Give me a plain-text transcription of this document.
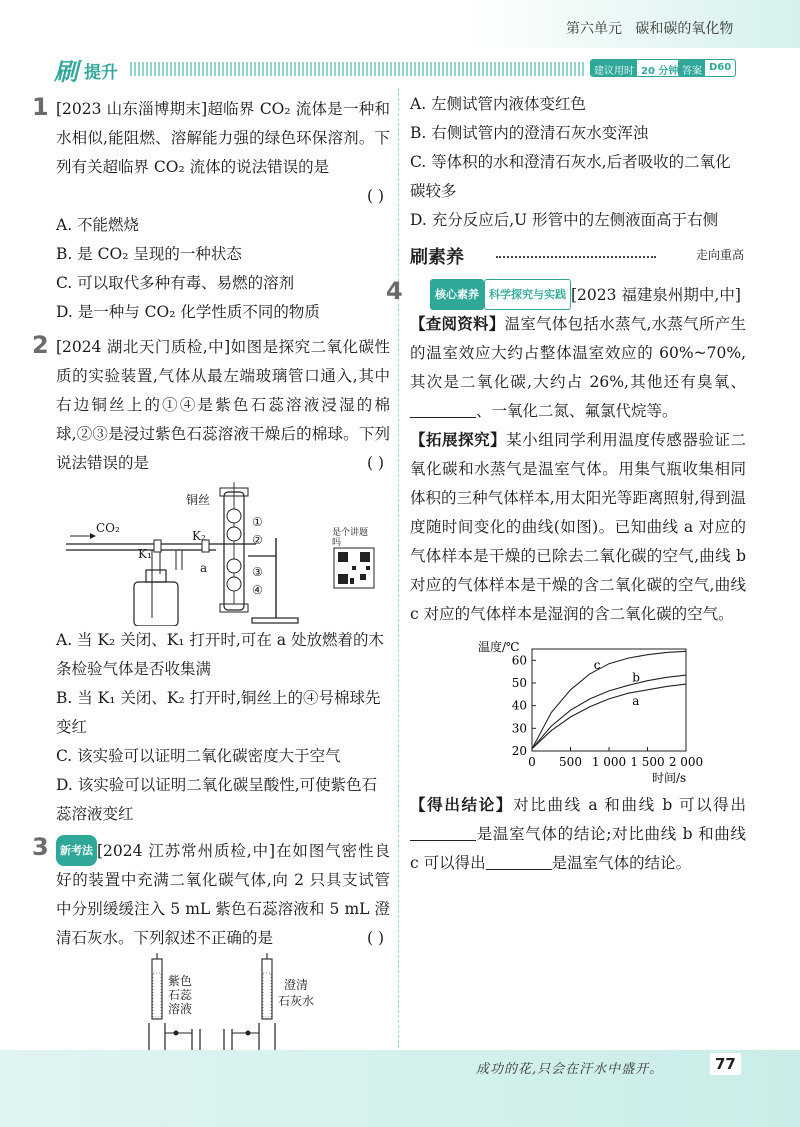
第六单元   碳和碳的氧化物
刷 提升	建议用时 20 分钟 答案 D60
1 [2023 山东淄博期末]超临界 CO₂ 流体是一种和水相似,能阻燃、溶解能力强的绿色环保溶剂。下列有关超临界 CO₂ 流体的说法错误的是
( )
A. 不能燃烧
B. 是 CO₂ 呈现的一种状态
C. 可以取代多种有毒、易燃的溶剂
D. 是一种与 CO₂ 化学性质不同的物质
2 [2024 湖北天门质检,中]如图是探究二氧化碳性质的实验装置,气体从最左端玻璃管口通入,其中右边铜丝上的①④是紫色石蕊溶液浸湿的棉球,②③是浸过紫色石蕊溶液干燥后的棉球。下列说法错误的是	( )
CO₂
K₁
K₂
a
铜丝
①
②
③
④
是个讲题吗
A. 当 K₂ 关闭、K₁ 打开时,可在 a 处放燃着的木条检验气体是否收集满
B. 当 K₁ 关闭、K₂ 打开时,铜丝上的④号棉球先变红
C. 该实验可以证明二氧化碳密度大于空气
D. 该实验可以证明二氧化碳呈酸性,可使紫色石蕊溶液变红
3	新考法 [2024 江苏常州质检,中]在如图气密性良好的装置中充满二氧化碳气体,向 2 只具支试管中分别缓缓注入 5 mL 紫色石蕊溶液和 5 mL 澄清石灰水。下列叙述不正确的是	( )
紫色
石蕊
溶液
澄清
石灰水
A. 左侧试管内液体变红色
B. 右侧试管内的澄清石灰水变浑浊
C. 等体积的水和澄清石灰水,后者吸收的二氧化碳较多
D. 充分反应后,U 形管中的左侧液面高于右侧
刷素养	走向重高
4	核心素养 科学探究与实践 [2023 福建泉州期中,中]
【查阅资料】温室气体包括水蒸气,水蒸气所产生的温室效应大约占整体温室效应的 60%~70%,其次是二氧化碳,大约占 26%,其他还有臭氧、、一氧化二氮、氟氯代烷等。
【拓展探究】某小组同学利用温度传感器验证二氧化碳和水蒸气是温室气体。用集气瓶收集相同体积的三种气体样本,用太阳光等距离照射,得到温度随时间变化的曲线(如图)。已知曲线 a 对应的气体样本是干燥的已除去二氧化碳的空气,曲线 b 对应的气体样本是干燥的含二氧化碳的空气,曲线 c 对应的气体样本是湿润的含二氧化碳的空气。
20
30
40
50
60
0 500 1 000 1 500 2 000
温度/℃
时间/s
a
b
c
【得出结论】对比曲线 a 和曲线 b 可以得出是温室气体的结论;对比曲线 b 和曲线 c 可以得出	是温室气体的结论。
成功的花,只会在汗水中盛开。	77
